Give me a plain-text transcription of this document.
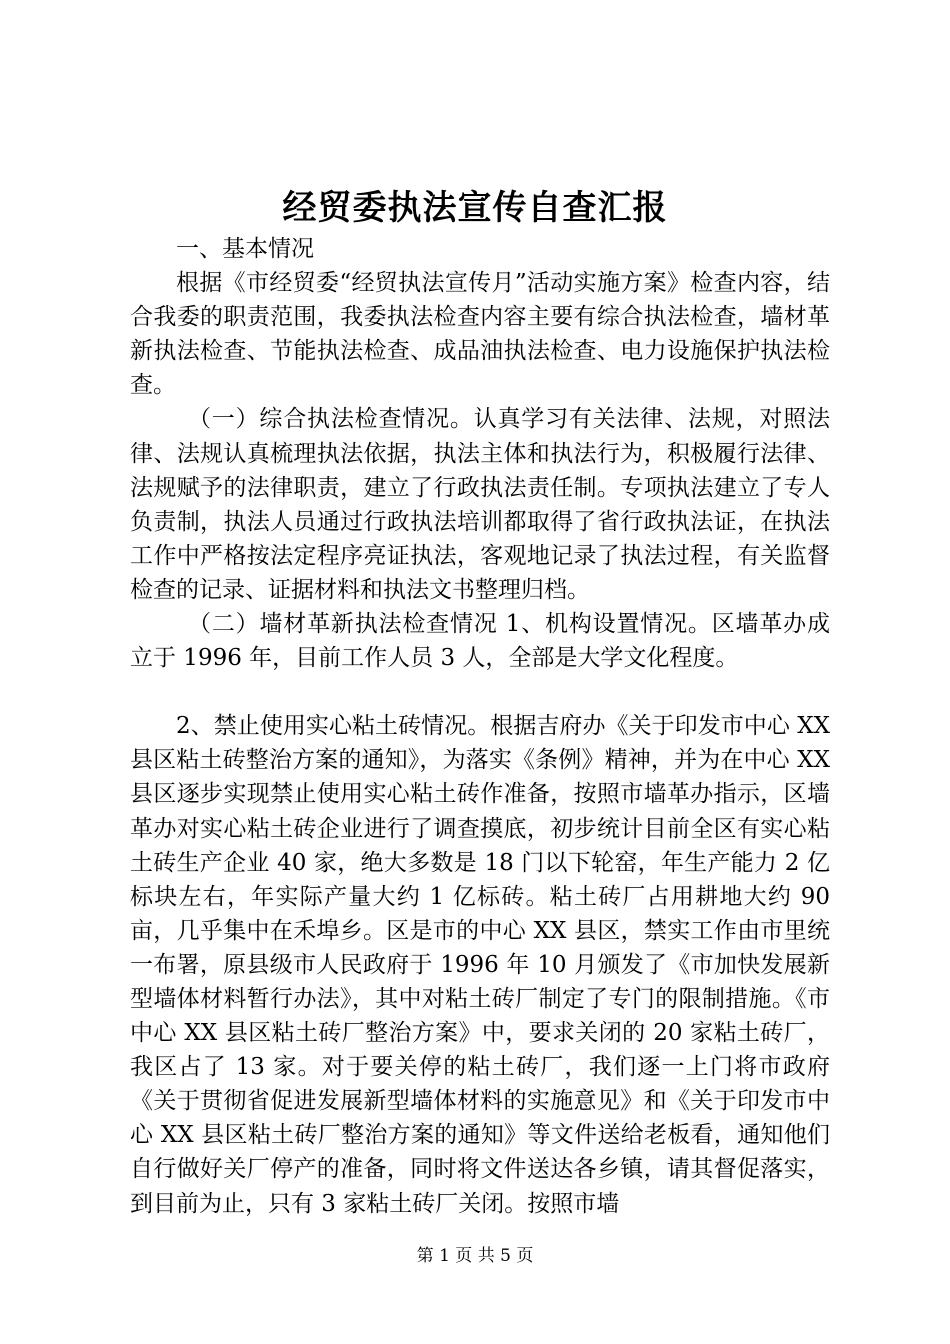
经贸委执法宣传自查汇报

一、基本情况

根据《市经贸委“经贸执法宣传月”活动实施方案》检查内容，结合我委的职责范围，我委执法检查内容主要有综合执法检查，墙材革新执法检查、节能执法检查、成品油执法检查、电力设施保护执法检查。

（一）综合执法检查情况。认真学习有关法律、法规，对照法律、法规认真梳理执法依据，执法主体和执法行为，积极履行法律、法规赋予的法律职责，建立了行政执法责任制。专项执法建立了专人负责制，执法人员通过行政执法培训都取得了省行政执法证，在执法工作中严格按法定程序亮证执法，客观地记录了执法过程，有关监督检查的记录、证据材料和执法文书整理归档。

（二）墙材革新执法检查情况 1、机构设置情况。区墙革办成立于 1996 年，目前工作人员 3 人，全部是大学文化程度。

2、禁止使用实心粘土砖情况。根据吉府办《关于印发市中心 XX 县区粘土砖整治方案的通知》，为落实《条例》精神，并为在中心 XX 县区逐步实现禁止使用实心粘土砖作准备，按照市墙革办指示，区墙革办对实心粘土砖企业进行了调查摸底，初步统计目前全区有实心粘土砖生产企业 40 家，绝大多数是 18 门以下轮窑，年生产能力 2 亿标块左右，年实际产量大约 1 亿标砖。粘土砖厂占用耕地大约 90 亩，几乎集中在禾埠乡。区是市的中心 XX 县区，禁实工作由市里统一布署，原县级市人民政府于 1996 年 10 月颁发了《市加快发展新型墙体材料暂行办法》，其中对粘土砖厂制定了专门的限制措施。《市中心 XX 县区粘土砖厂整治方案》中，要求关闭的 20 家粘土砖厂，我区占了 13 家。对于要关停的粘土砖厂，我们逐一上门将市政府《关于贯彻省促进发展新型墙体材料的实施意见》和《关于印发市中心 XX 县区粘土砖厂整治方案的通知》等文件送给老板看，通知他们自行做好关厂停产的准备，同时将文件送达各乡镇，请其督促落实，到目前为止，只有 3 家粘土砖厂关闭。按照市墙

第 1 页 共 5 页
